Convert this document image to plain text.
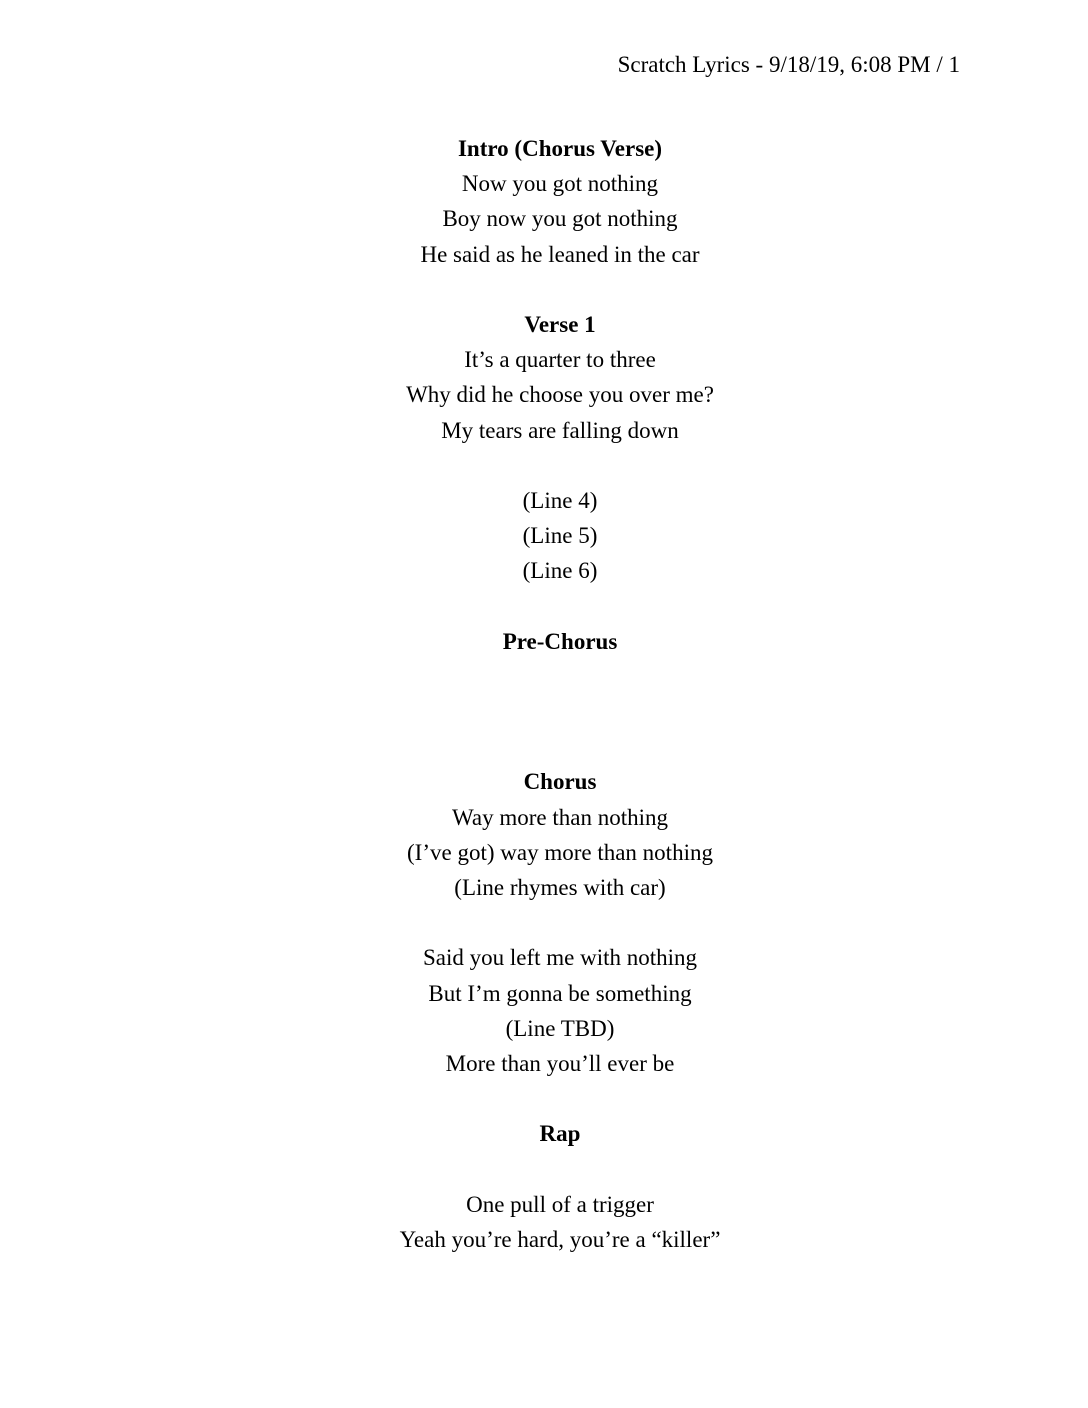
Scratch Lyrics - 9/18/19, 6:08 PM / 1
Intro (Chorus Verse)
Now you got nothing
Boy now you got nothing
He said as he leaned in the car
Verse 1
It’s a quarter to three
Why did he choose you over me?
My tears are falling down
(Line 4)
(Line 5)
(Line 6)
Pre-Chorus
Chorus
Way more than nothing
(I’ve got) way more than nothing
(Line rhymes with car)
Said you left me with nothing
But I’m gonna be something
(Line TBD)
More than you’ll ever be
Rap
One pull of a trigger
Yeah you’re hard, you’re a “killer”
